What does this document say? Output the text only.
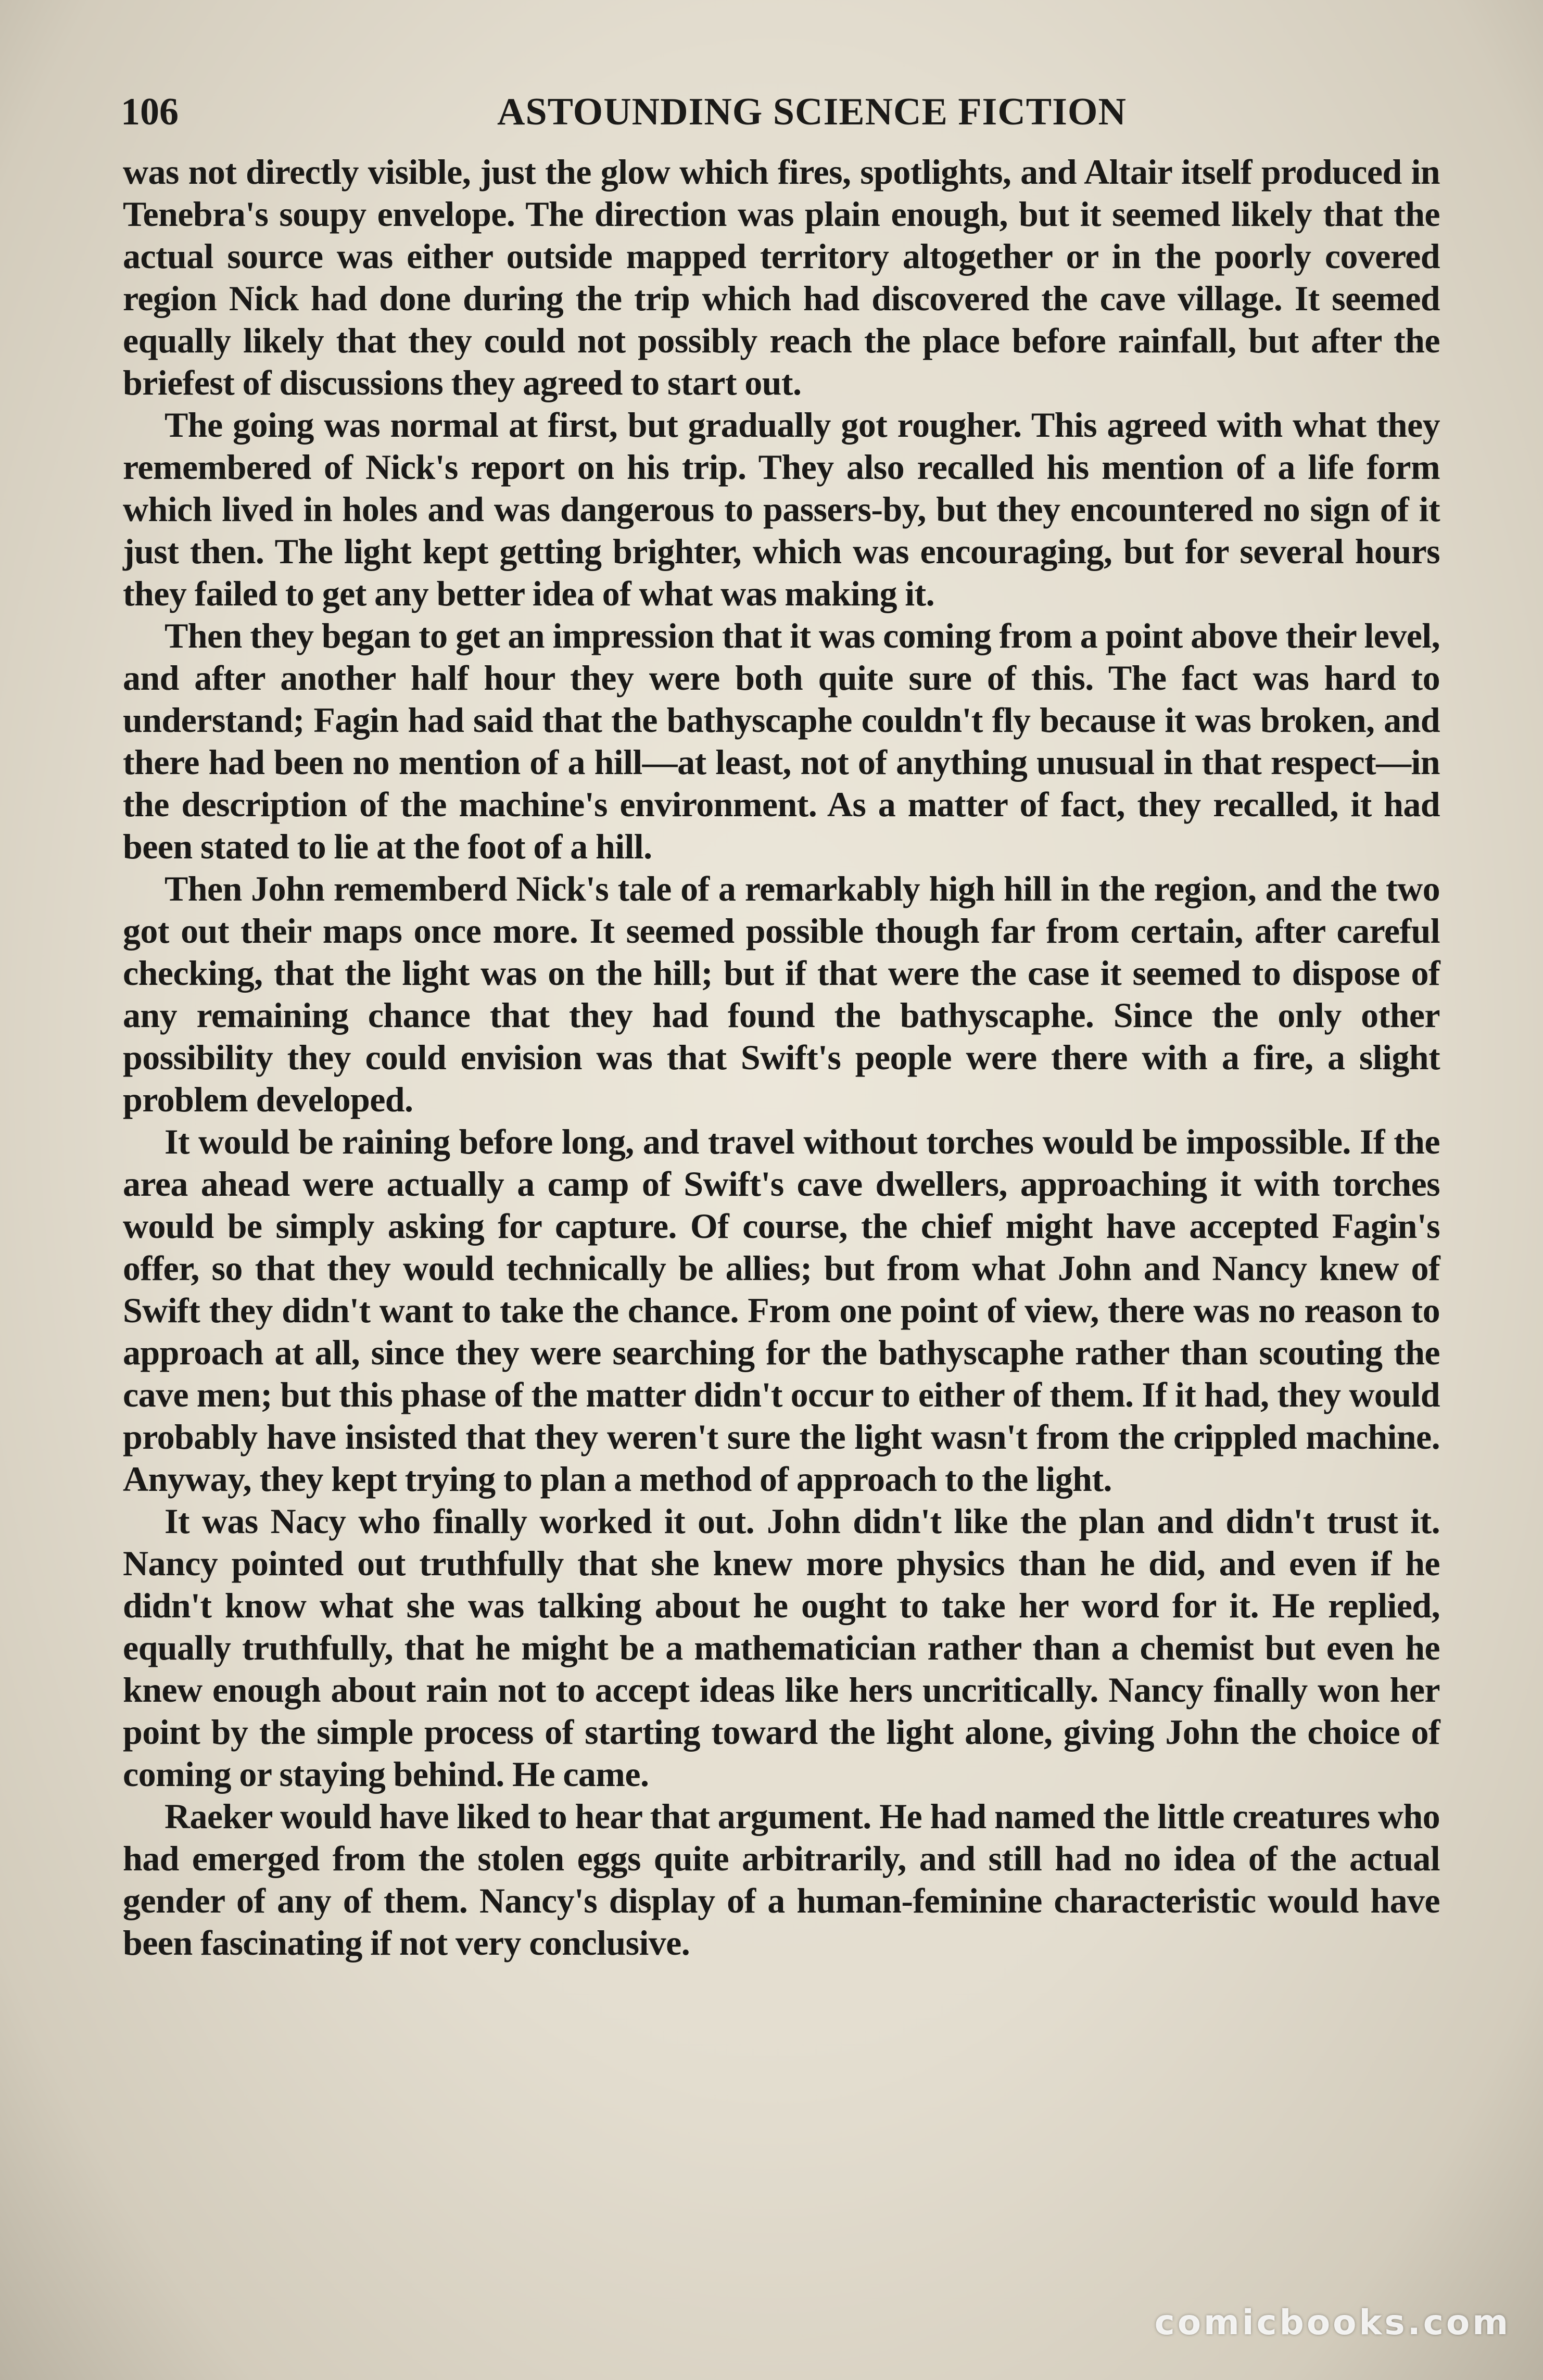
106	ASTOUNDING SCIENCE FICTION

was not directly visible, just the glow which fires, spotlights, and Altair itself produced in Tenebra's soupy envelope. The direction was plain enough, but it seemed likely that the actual source was either outside mapped territory altogether or in the poorly covered region Nick had done during the trip which had discovered the cave village. It seemed equally likely that they could not possibly reach the place before rainfall, but after the briefest of discussions they agreed to start out.

The going was normal at first, but gradually got rougher. This agreed with what they remembered of Nick's report on his trip. They also recalled his mention of a life form which lived in holes and was dangerous to passers-by, but they encountered no sign of it just then. The light kept getting brighter, which was encouraging, but for several hours they failed to get any better idea of what was making it.

Then they began to get an impression that it was coming from a point above their level, and after another half hour they were both quite sure of this. The fact was hard to understand; Fagin had said that the bathyscaphe couldn't fly because it was broken, and there had been no mention of a hill—at least, not of anything unusual in that respect—in the description of the machine's environment. As a matter of fact, they recalled, it had been stated to lie at the foot of a hill.

Then John rememberd Nick's tale of a remarkably high hill in the region, and the two got out their maps once more. It seemed possible though far from certain, after careful checking, that the light was on the hill; but if that were the case it seemed to dispose of any remaining chance that they had found the bathyscaphe. Since the only other possibility they could envision was that Swift's people were there with a fire, a slight problem developed.

It would be raining before long, and travel without torches would be impossible. If the area ahead were actually a camp of Swift's cave dwellers, approaching it with torches would be simply asking for capture. Of course, the chief might have accepted Fagin's offer, so that they would technically be allies; but from what John and Nancy knew of Swift they didn't want to take the chance. From one point of view, there was no reason to approach at all, since they were searching for the bathyscaphe rather than scouting the cave men; but this phase of the matter didn't occur to either of them. If it had, they would probably have insisted that they weren't sure the light wasn't from the crippled machine. Anyway, they kept trying to plan a method of approach to the light.

It was Nacy who finally worked it out. John didn't like the plan and didn't trust it. Nancy pointed out truthfully that she knew more physics than he did, and even if he didn't know what she was talking about he ought to take her word for it. He replied, equally truthfully, that he might be a mathematician rather than a chemist but even he knew enough about rain not to accept ideas like hers uncritically. Nancy finally won her point by the simple process of starting toward the light alone, giving John the choice of coming or staying behind. He came.

Raeker would have liked to hear that argument. He had named the little creatures who had emerged from the stolen eggs quite arbitrarily, and still had no idea of the actual gender of any of them. Nancy's display of a human-feminine characteristic would have been fascinating if not very conclusive.

comicbooks.com
